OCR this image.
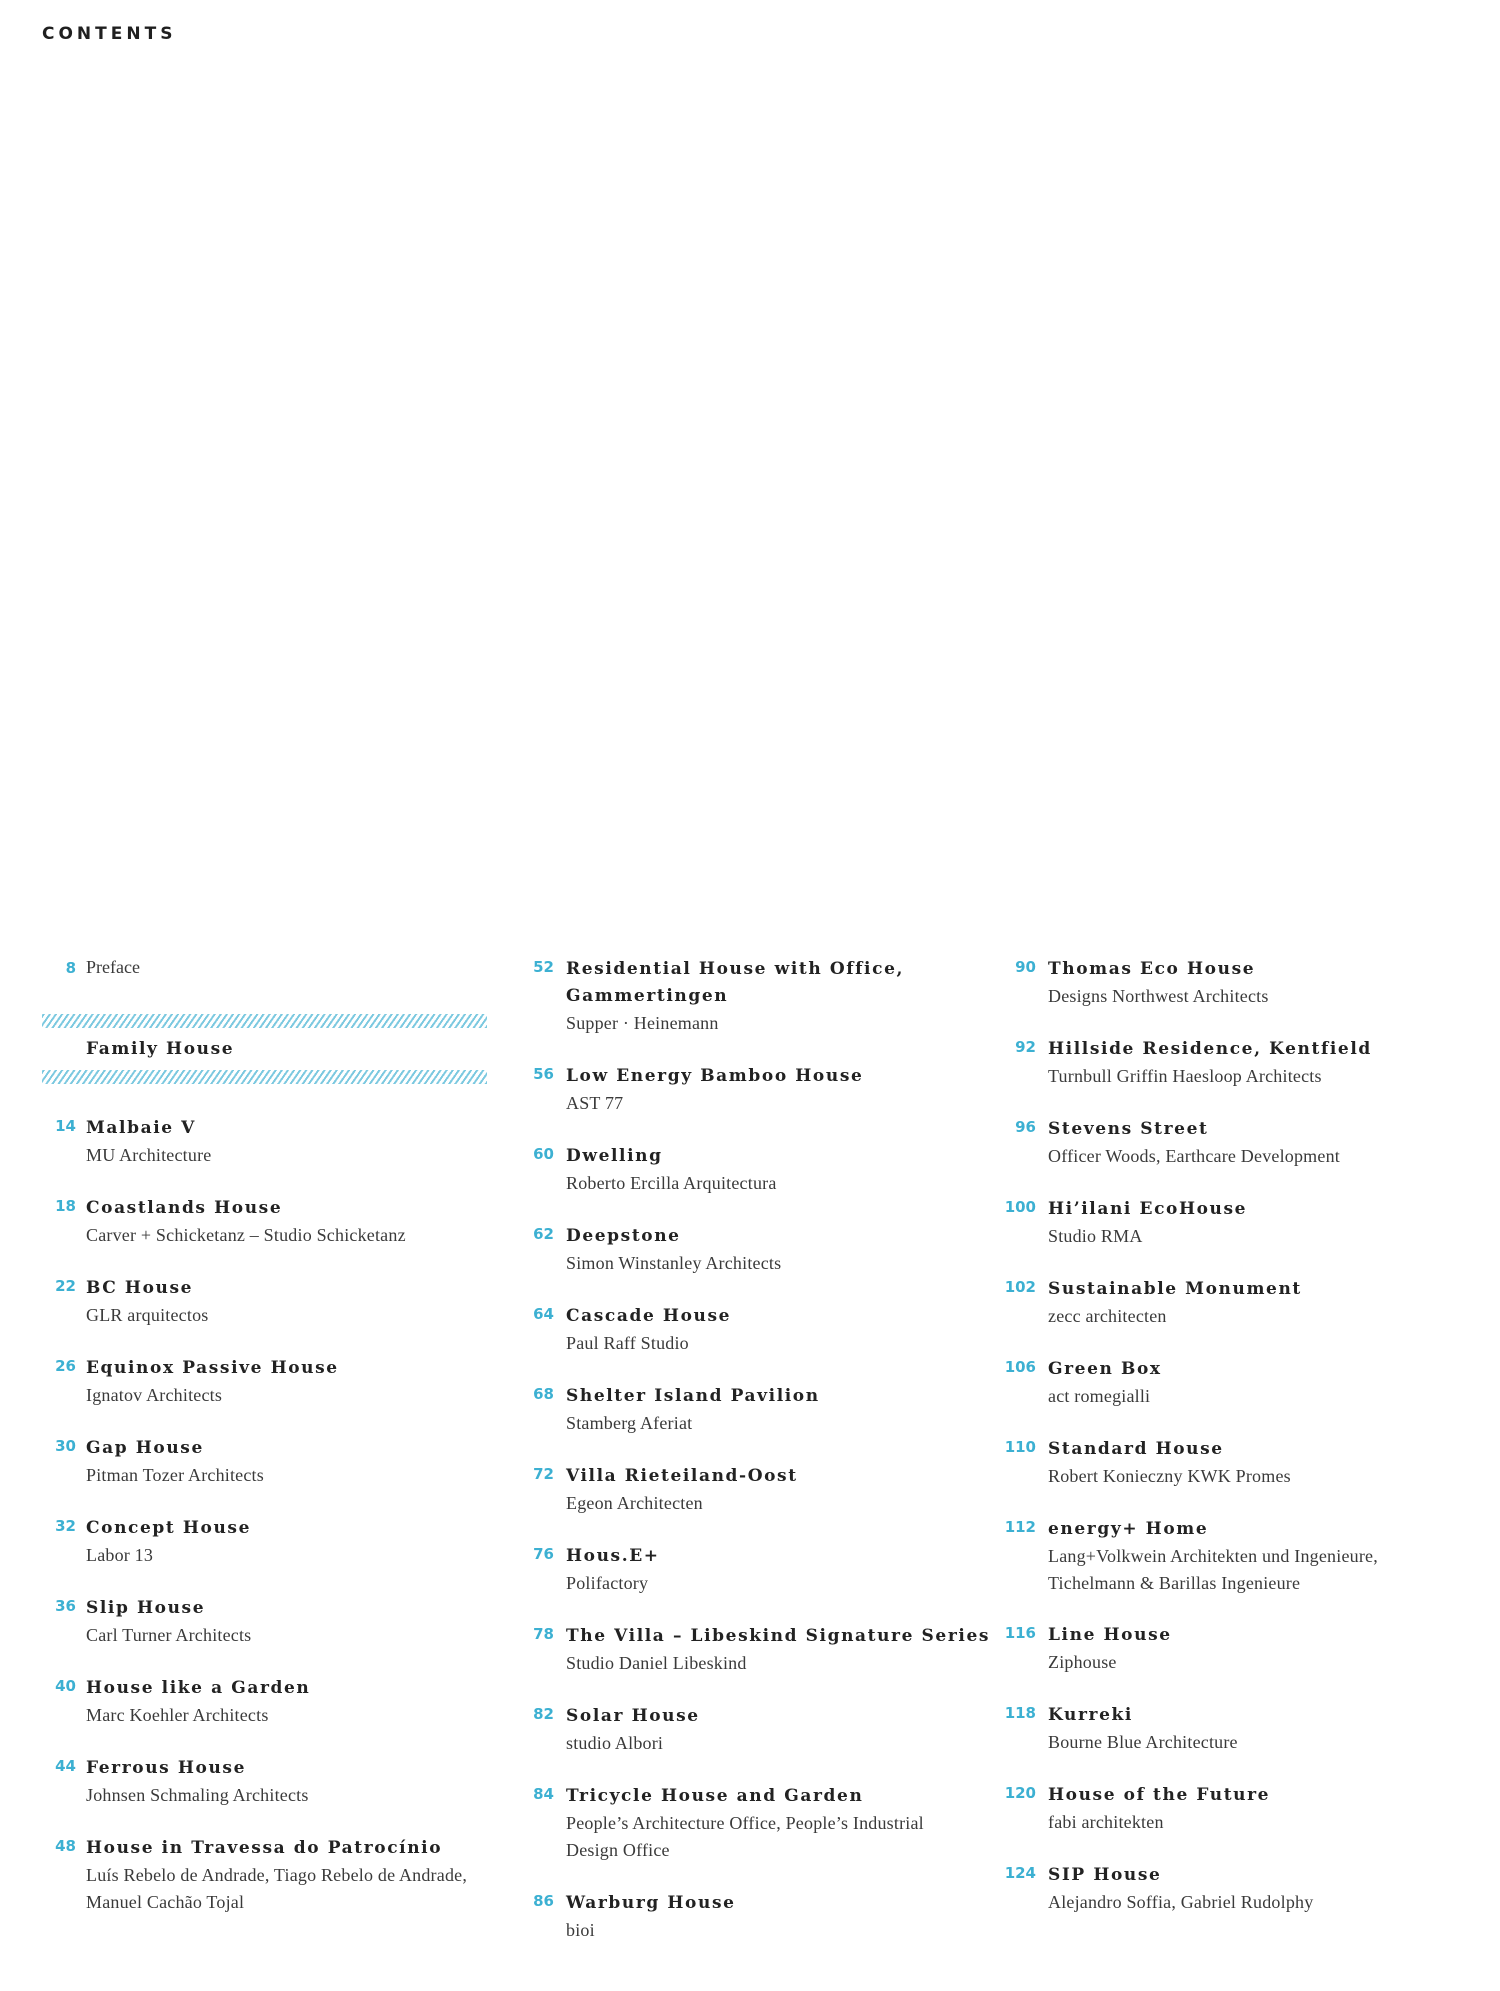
CONTENTS
8 Preface
Family House
14 Malbaie V
MU Architecture
18 Coastlands House
Carver + Schicketanz – Studio Schicketanz
22 BC House
GLR arquitectos
26 Equinox Passive House
Ignatov Architects
30 Gap House
Pitman Tozer Architects
32 Concept House
Labor 13
36 Slip House
Carl Turner Architects
40 House like a Garden
Marc Koehler Architects
44 Ferrous House
Johnsen Schmaling Architects
48 House in Travessa do Patrocínio
Luís Rebelo de Andrade, Tiago Rebelo de Andrade,
Manuel Cachão Tojal
52 Residential House with Office,
Gammertingen
Supper · Heinemann
56 Low Energy Bamboo House
AST 77
60 Dwelling
Roberto Ercilla Arquitectura
62 Deepstone
Simon Winstanley Architects
64 Cascade House
Paul Raff Studio
68 Shelter Island Pavilion
Stamberg Aferiat
72 Villa Rieteiland-Oost
Egeon Architecten
76 Hous.E+
Polifactory
78 The Villa – Libeskind Signature Series
Studio Daniel Libeskind
82 Solar House
studio Albori
84 Tricycle House and Garden
People’s Architecture Office, People’s Industrial
Design Office
86 Warburg House
bioi
90 Thomas Eco House
Designs Northwest Architects
92 Hillside Residence, Kentfield
Turnbull Griffin Haesloop Architects
96 Stevens Street
Officer Woods, Earthcare Development
100 Hi’ilani EcoHouse
Studio RMA
102 Sustainable Monument
zecc architecten
106 Green Box
act romegialli
110 Standard House
Robert Konieczny KWK Promes
112 energy+ Home
Lang+Volkwein Architekten und Ingenieure,
Tichelmann & Barillas Ingenieure
116 Line House
Ziphouse
118 Kurreki
Bourne Blue Architecture
120 House of the Future
fabi architekten
124 SIP House
Alejandro Soffia, Gabriel Rudolphy
